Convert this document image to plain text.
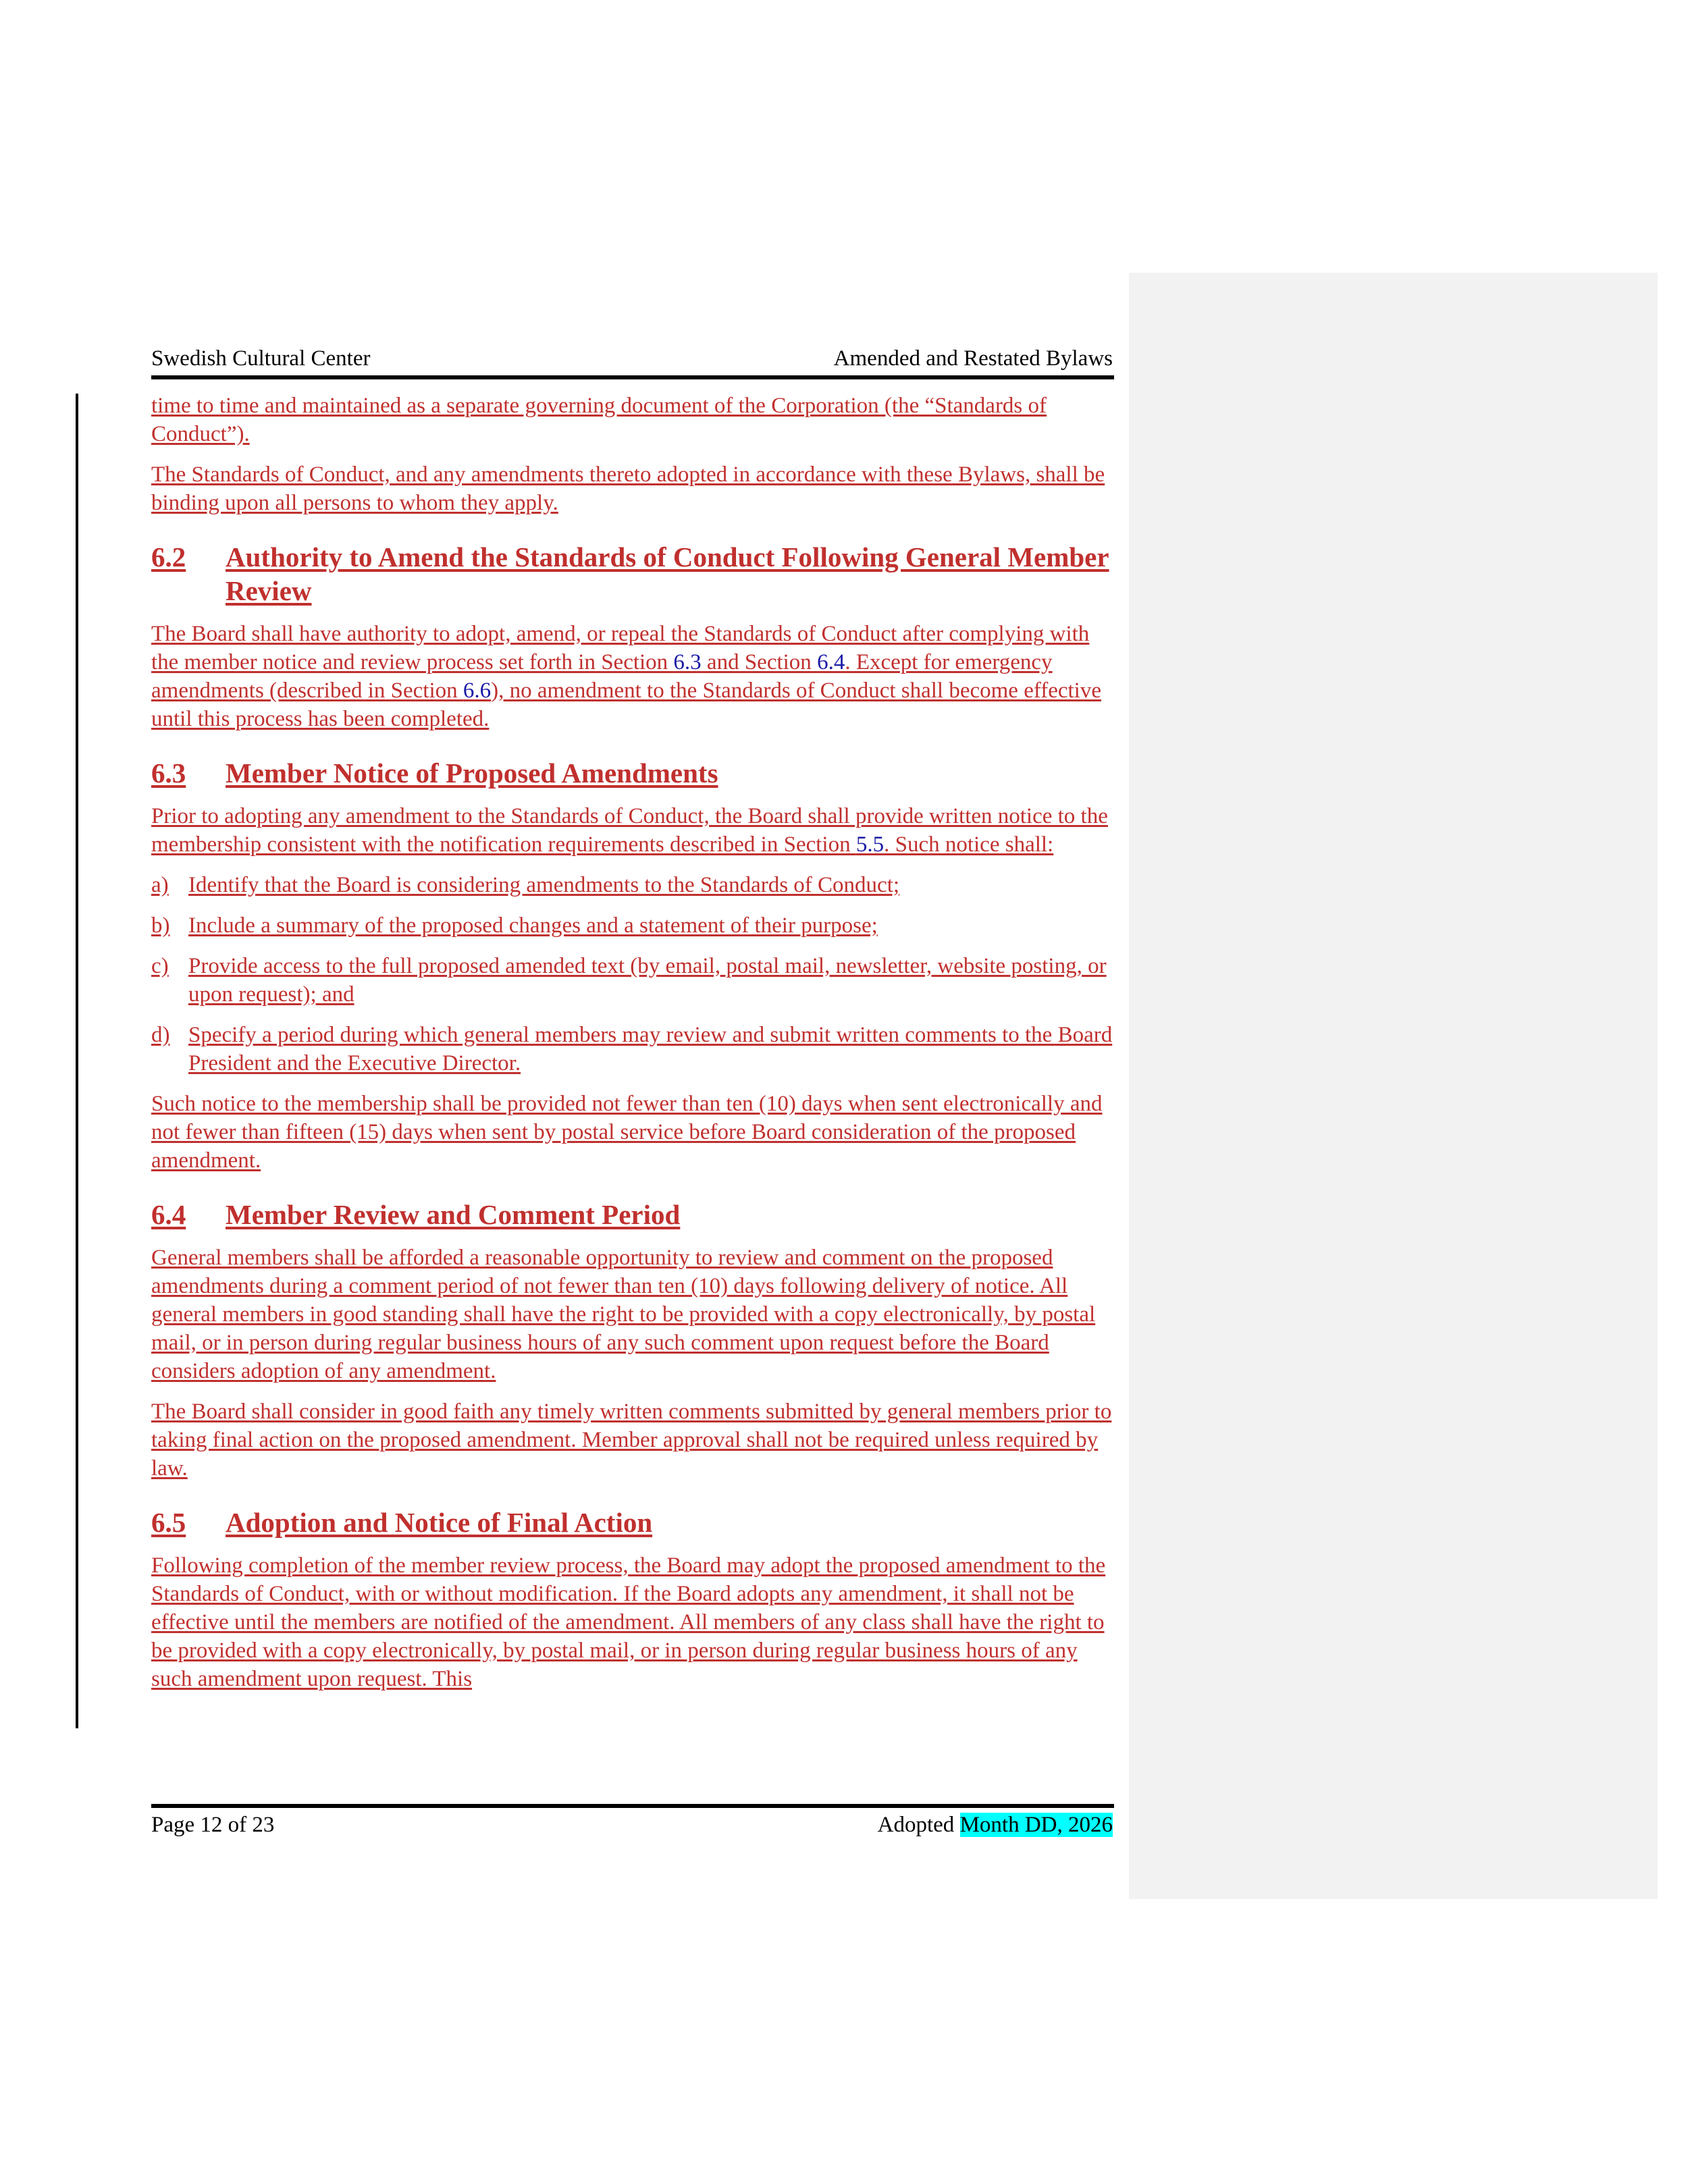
Swedish Cultural Center	Amended and Restated Bylaws

time to time and maintained as a separate governing document of the Corporation (the “Standards of Conduct”).

The Standards of Conduct, and any amendments thereto adopted in accordance with these Bylaws, shall be binding upon all persons to whom they apply.

6.2	Authority to Amend the Standards of Conduct Following General Member Review

The Board shall have authority to adopt, amend, or repeal the Standards of Conduct after complying with the member notice and review process set forth in Section 6.3 and Section 6.4. Except for emergency amendments (described in Section 6.6), no amendment to the Standards of Conduct shall become effective until this process has been completed.

6.3	Member Notice of Proposed Amendments

Prior to adopting any amendment to the Standards of Conduct, the Board shall provide written notice to the membership consistent with the notification requirements described in Section 5.5. Such notice shall:

a) Identify that the Board is considering amendments to the Standards of Conduct;
b) Include a summary of the proposed changes and a statement of their purpose;
c) Provide access to the full proposed amended text (by email, postal mail, newsletter, website posting, or upon request); and
d) Specify a period during which general members may review and submit written comments to the Board President and the Executive Director.

Such notice to the membership shall be provided not fewer than ten (10) days when sent electronically and not fewer than fifteen (15) days when sent by postal service before Board consideration of the proposed amendment.

6.4	Member Review and Comment Period

General members shall be afforded a reasonable opportunity to review and comment on the proposed amendments during a comment period of not fewer than ten (10) days following delivery of notice. All general members in good standing shall have the right to be provided with a copy electronically, by postal mail, or in person during regular business hours of any such comment upon request before the Board considers adoption of any amendment.

The Board shall consider in good faith any timely written comments submitted by general members prior to taking final action on the proposed amendment. Member approval shall not be required unless required by law.

6.5	Adoption and Notice of Final Action

Following completion of the member review process, the Board may adopt the proposed amendment to the Standards of Conduct, with or without modification. If the Board adopts any amendment, it shall not be effective until the members are notified of the amendment. All members of any class shall have the right to be provided with a copy electronically, by postal mail, or in person during regular business hours of any such amendment upon request. This

Page 12 of 23	Adopted Month DD, 2026
